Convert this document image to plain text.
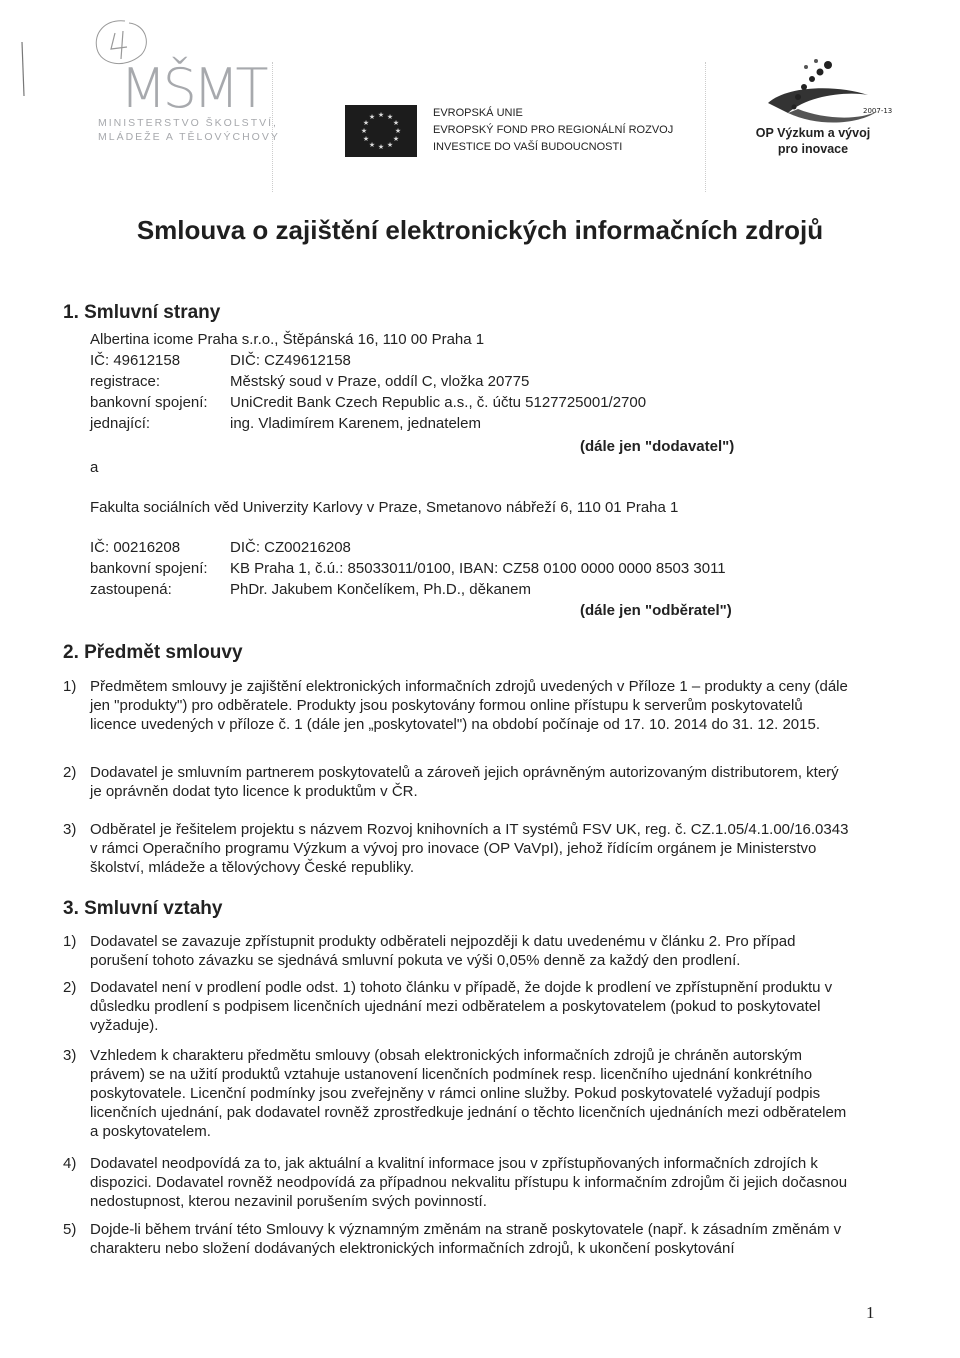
MŠMT
MINISTERSTVO ŠKOLSTVÍ,
MLÁDEŽE A TĚLOVÝCHOVY
★ ★
★
★
★
★
★
★
★
★
★
★	EVROPSKÁ UNIE
EVROPSKÝ FOND PRO REGIONÁLNÍ ROZVOJ
INVESTICE DO VAŠÍ BUDOUCNOSTI
2007-13
OP Výzkum a vývoj
pro inovace
Smlouva o zajištění elektronických informačních zdrojů
1. Smluvní strany
Albertina icome Praha s.r.o., Štěpánská 16, 110 00 Praha 1
IČ: 49612158	DIČ: CZ49612158
registrace:	Městský soud v Praze, oddíl C, vložka 20775
bankovní spojení: UniCredit Bank Czech Republic a.s., č. účtu 5127725001/2700
jednající:	ing. Vladimírem Karenem, jednatelem
(dále jen "dodavatel")
a
Fakulta sociálních věd Univerzity Karlovy v Praze, Smetanovo nábřeží 6, 110 01 Praha 1
IČ: 00216208	DIČ: CZ00216208
bankovní spojení: KB Praha 1, č.ú.: 85033011/0100, IBAN: CZ58 0100 0000 0000 8503 3011
zastoupená:	PhDr. Jakubem Končelíkem, Ph.D., děkanem
(dále jen "odběratel")
2. Předmět smlouvy
1) Předmětem smlouvy je zajištění elektronických informačních zdrojů uvedených v Příloze 1 – produkty a ceny (dále jen "produkty") pro odběratele. Produkty jsou poskytovány formou online přístupu k serverům poskytovatelů licence uvedených v příloze č. 1 (dále jen „poskytovatel") na období počínaje od 17. 10. 2014 do 31. 12. 2015.
2) Dodavatel je smluvním partnerem poskytovatelů a zároveň jejich oprávněným autorizovaným distributorem, který je oprávněn dodat tyto licence k produktům v ČR.
3) Odběratel je řešitelem projektu s názvem Rozvoj knihovních a IT systémů FSV UK, reg. č. CZ.1.05/4.1.00/16.0343 v rámci Operačního programu Výzkum a vývoj pro inovace (OP VaVpI), jehož řídícím orgánem je Ministerstvo školství, mládeže a tělovýchovy České republiky.
3. Smluvní vztahy
1) Dodavatel se zavazuje zpřístupnit produkty odběrateli nejpozději k datu uvedenému v článku 2. Pro případ porušení tohoto závazku se sjednává smluvní pokuta ve výši 0,05% denně za každý den prodlení.
2) Dodavatel není v prodlení podle odst. 1) tohoto článku v případě, že dojde k prodlení ve zpřístupnění produktu v důsledku prodlení s podpisem licenčních ujednání mezi odběratelem a poskytovatelem (pokud to poskytovatel vyžaduje).
3) Vzhledem k charakteru předmětu smlouvy (obsah elektronických informačních zdrojů je chráněn autorským právem) se na užití produktů vztahuje ustanovení licenčních podmínek resp. licenčního ujednání konkrétního poskytovatele. Licenční podmínky jsou zveřejněny v rámci online služby. Pokud poskytovatelé vyžadují podpis licenčních ujednání, pak dodavatel rovněž zprostředkuje jednání o těchto licenčních ujednáních mezi odběratelem a poskytovatelem.
4) Dodavatel neodpovídá za to, jak aktuální a kvalitní informace jsou v zpřístupňovaných informačních zdrojích k dispozici. Dodavatel rovněž neodpovídá za případnou nekvalitu přístupu k informačním zdrojům či jejich dočasnou nedostupnost, kterou nezavinil porušením svých povinností.
5) Dojde-li během trvání této Smlouvy k významným změnám na straně poskytovatele (např. k zásadním změnám v charakteru nebo složení dodávaných elektronických informačních zdrojů, k ukončení poskytování
1
